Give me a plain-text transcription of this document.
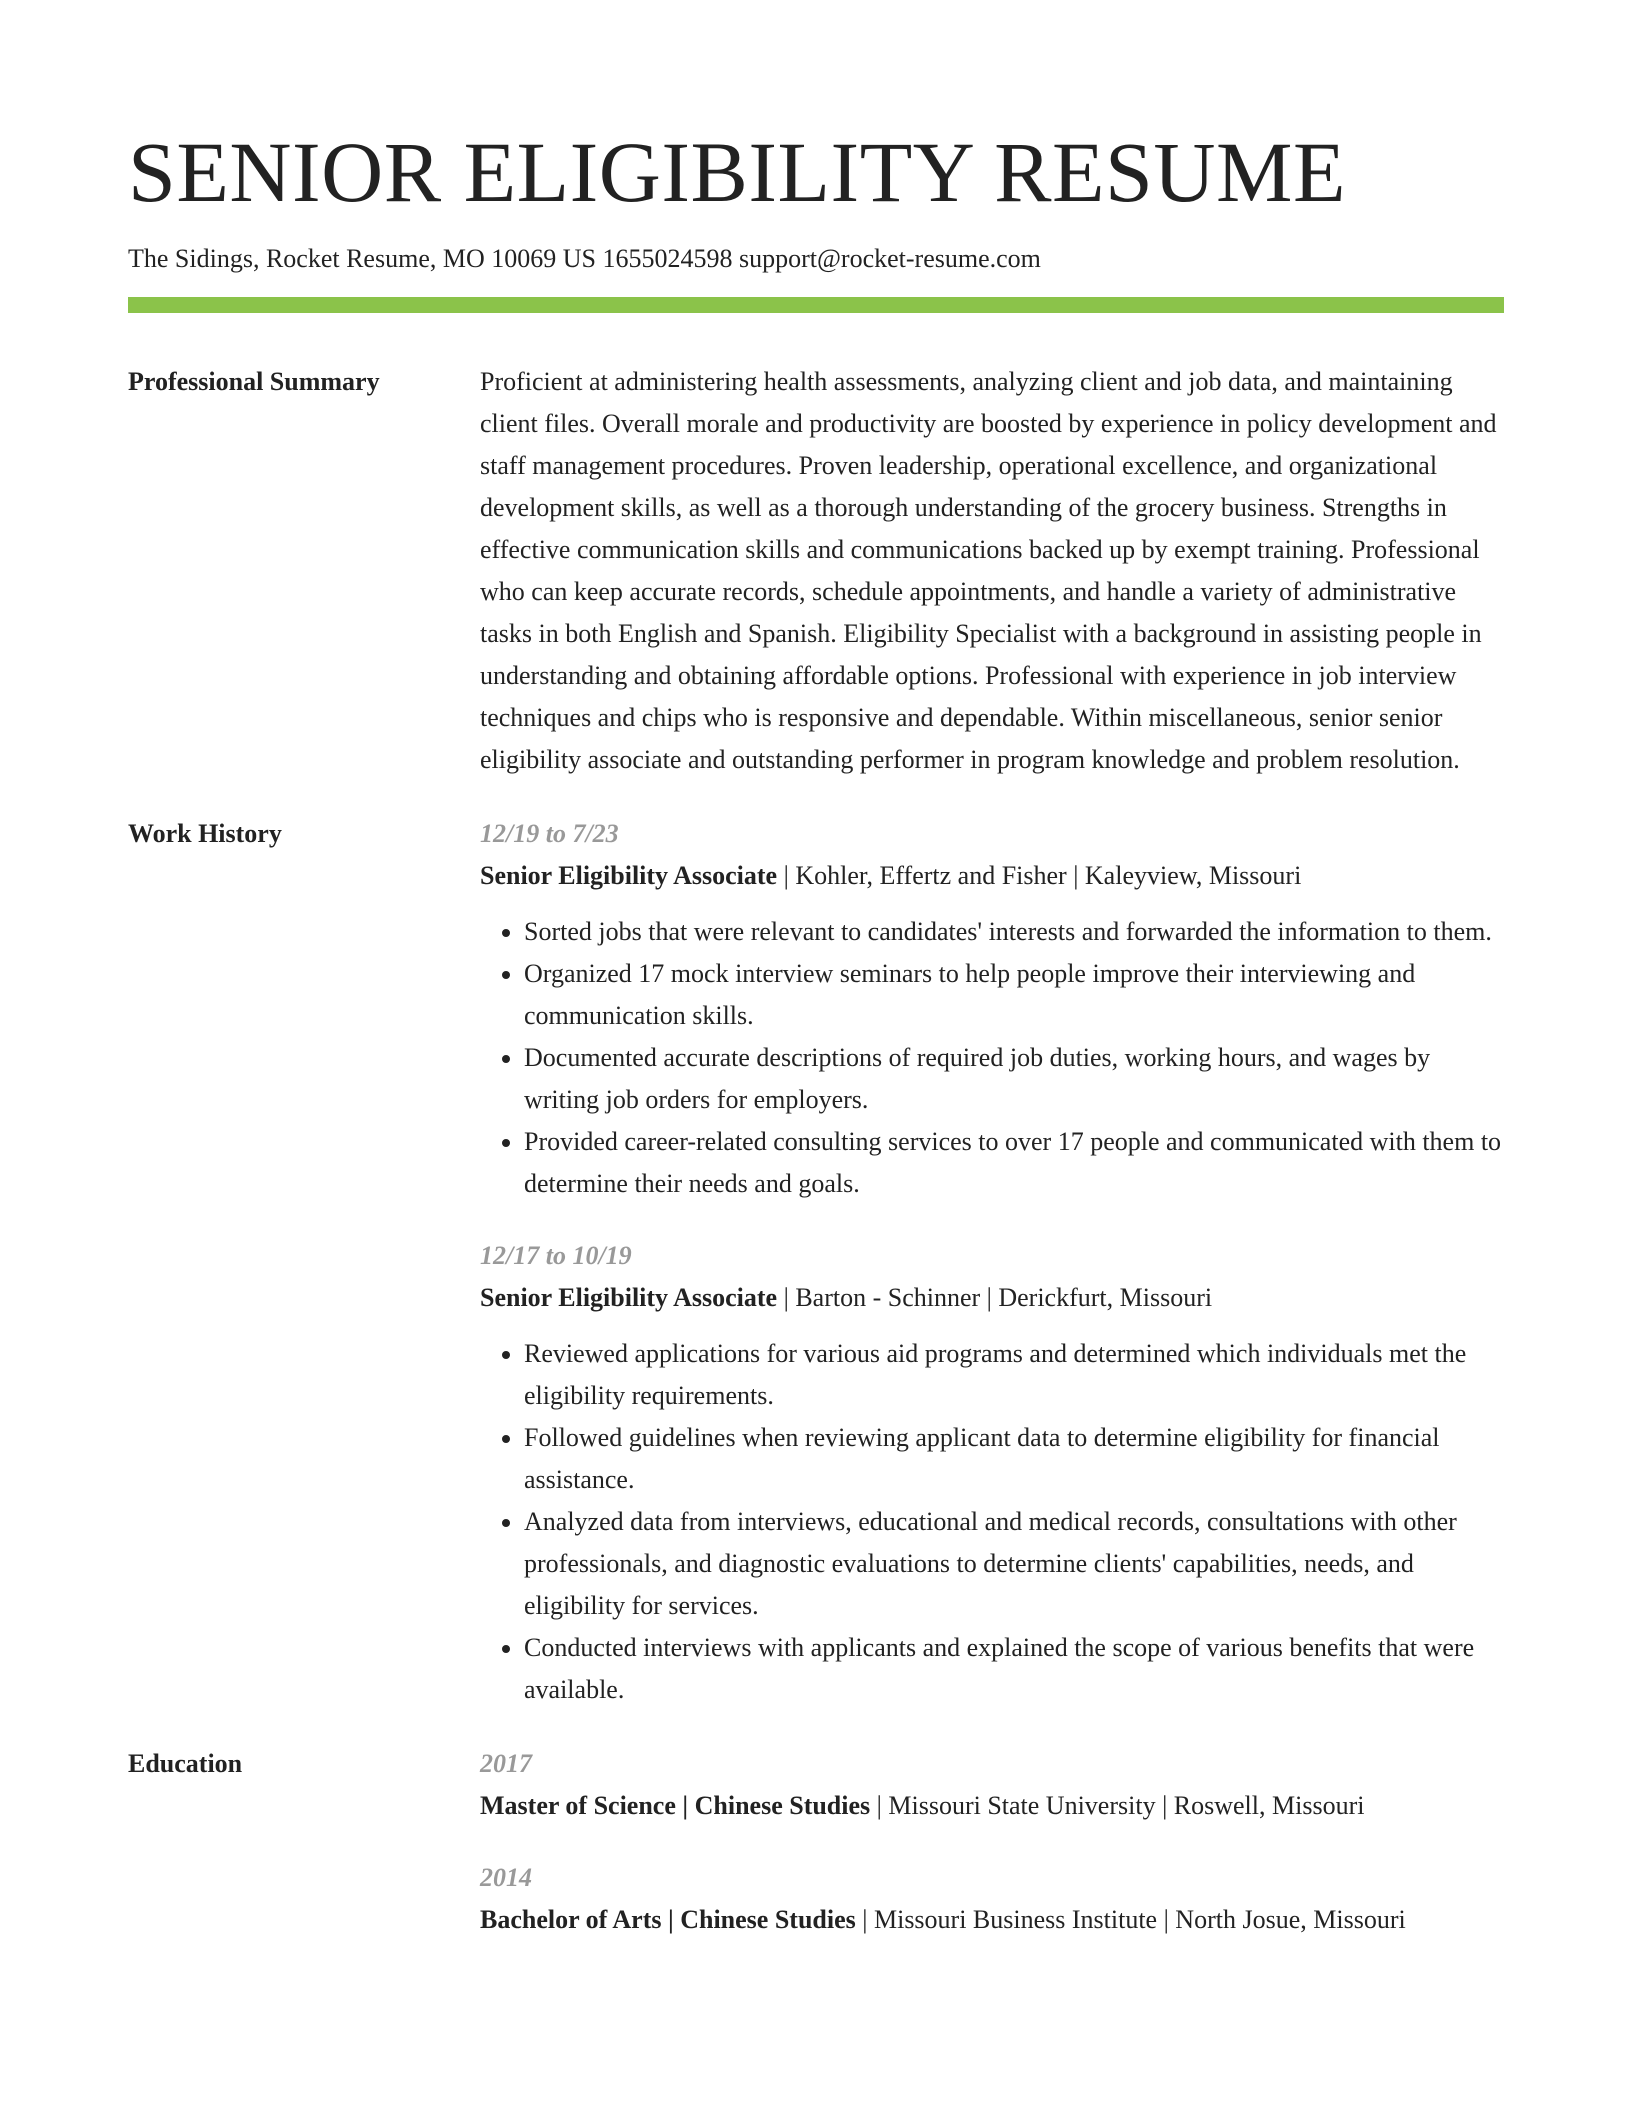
SENIOR ELIGIBILITY RESUME
The Sidings, Rocket Resume, MO 10069 US 1655024598 support@rocket-resume.com
Professional Summary	Proficient at administering health assessments, analyzing client and job data, and maintaining client files. Overall morale and productivity are boosted by experience in policy development and staff management procedures. Proven leadership, operational excellence, and organizational development skills, as well as a thorough understanding of the grocery business. Strengths in effective communication skills and communications backed up by exempt training. Professional who can keep accurate records, schedule appointments, and handle a variety of administrative tasks in both English and Spanish. Eligibility Specialist with a background in assisting people in understanding and obtaining affordable options. Professional with experience in job interview techniques and chips who is responsive and dependable. Within miscellaneous, senior senior eligibility associate and outstanding performer in program knowledge and problem resolution.

Work History	12/19 to 7/23
Senior Eligibility Associate | Kohler, Effertz and Fisher | Kaleyview, Missouri
• Sorted jobs that were relevant to candidates' interests and forwarded the information to them.
• Organized 17 mock interview seminars to help people improve their interviewing and communication skills.
• Documented accurate descriptions of required job duties, working hours, and wages by writing job orders for employers.
• Provided career-related consulting services to over 17 people and communicated with them to determine their needs and goals.
12/17 to 10/19
Senior Eligibility Associate | Barton - Schinner | Derickfurt, Missouri
• Reviewed applications for various aid programs and determined which individuals met the eligibility requirements.
• Followed guidelines when reviewing applicant data to determine eligibility for financial assistance.
• Analyzed data from interviews, educational and medical records, consultations with other professionals, and diagnostic evaluations to determine clients' capabilities, needs, and eligibility for services.
• Conducted interviews with applicants and explained the scope of various benefits that were available.
Education	2017
Master of Science | Chinese Studies | Missouri State University | Roswell, Missouri
2014
Bachelor of Arts | Chinese Studies | Missouri Business Institute | North Josue, Missouri
